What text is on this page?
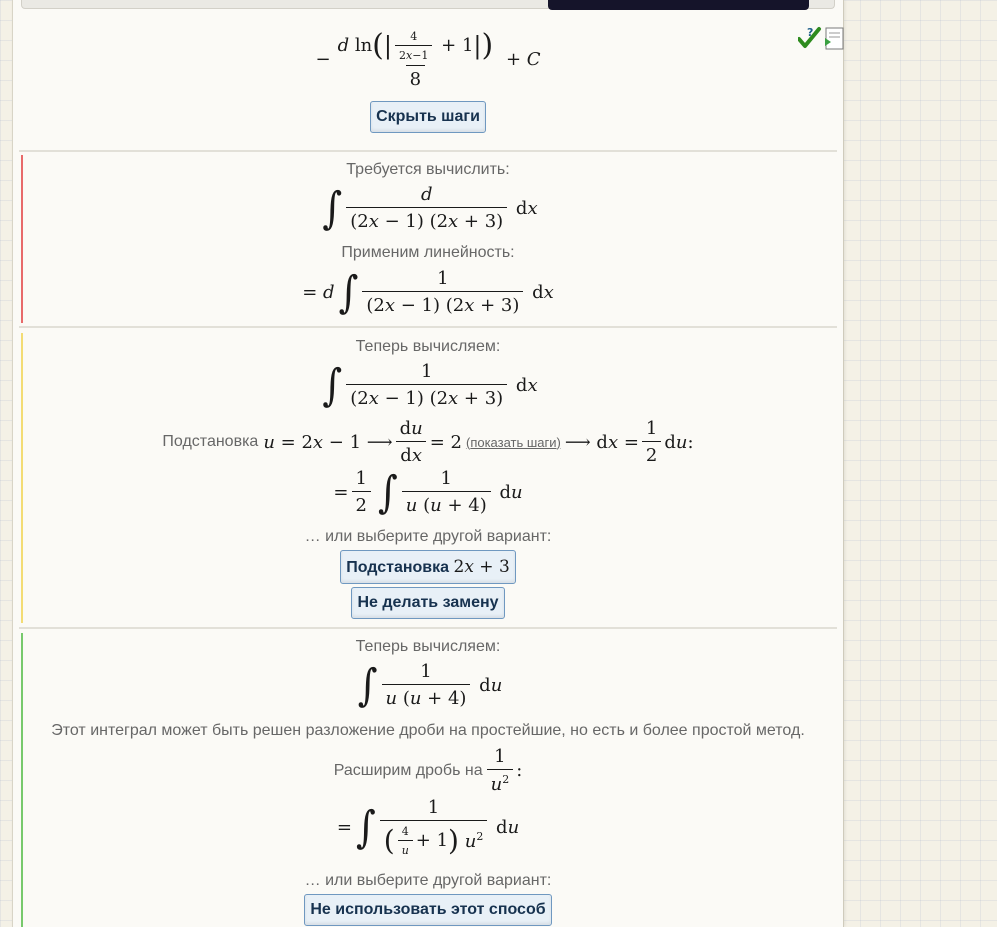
?
− $\frac{d \ln ( | \frac{4}{2x-1} + 1 | )}{8} + C$
Скрыть шаги
Требуется вычислить:
∫ $\frac{d}{(2x - 1) (2x + 3)}$ dx
Применим линейность:
= d ∫ $\frac{1}{(2x - 1) (2x + 3)}$ dx
Теперь вычисляем:
∫ $\frac{1}{(2x - 1) (2x + 3)}$ dx
Подстановка u = 2x − 1 ⟶ $\frac{du}{dx} = 2$ (показать шаги) ⟶ dx = $\frac{1}{2}$ du:
= $\frac{1}{2}$ ∫ $\frac{1}{u (u + 4)}$ du
… или выберите другой вариант:
Подстановка 2x + 3
Не делать замену
Теперь вычисляем:
∫ $\frac{1}{u (u + 4)}$ du
Этот интеграл может быть решен разложение дроби на простейшие, но есть и более простой метод.
Расширим дробь на $\frac{1}{u^2}$ :
= ∫ $\frac{1}{( \frac{4}{u} + 1 ) u^2}$ du
… или выберите другой вариант:
Не использовать этот способ
